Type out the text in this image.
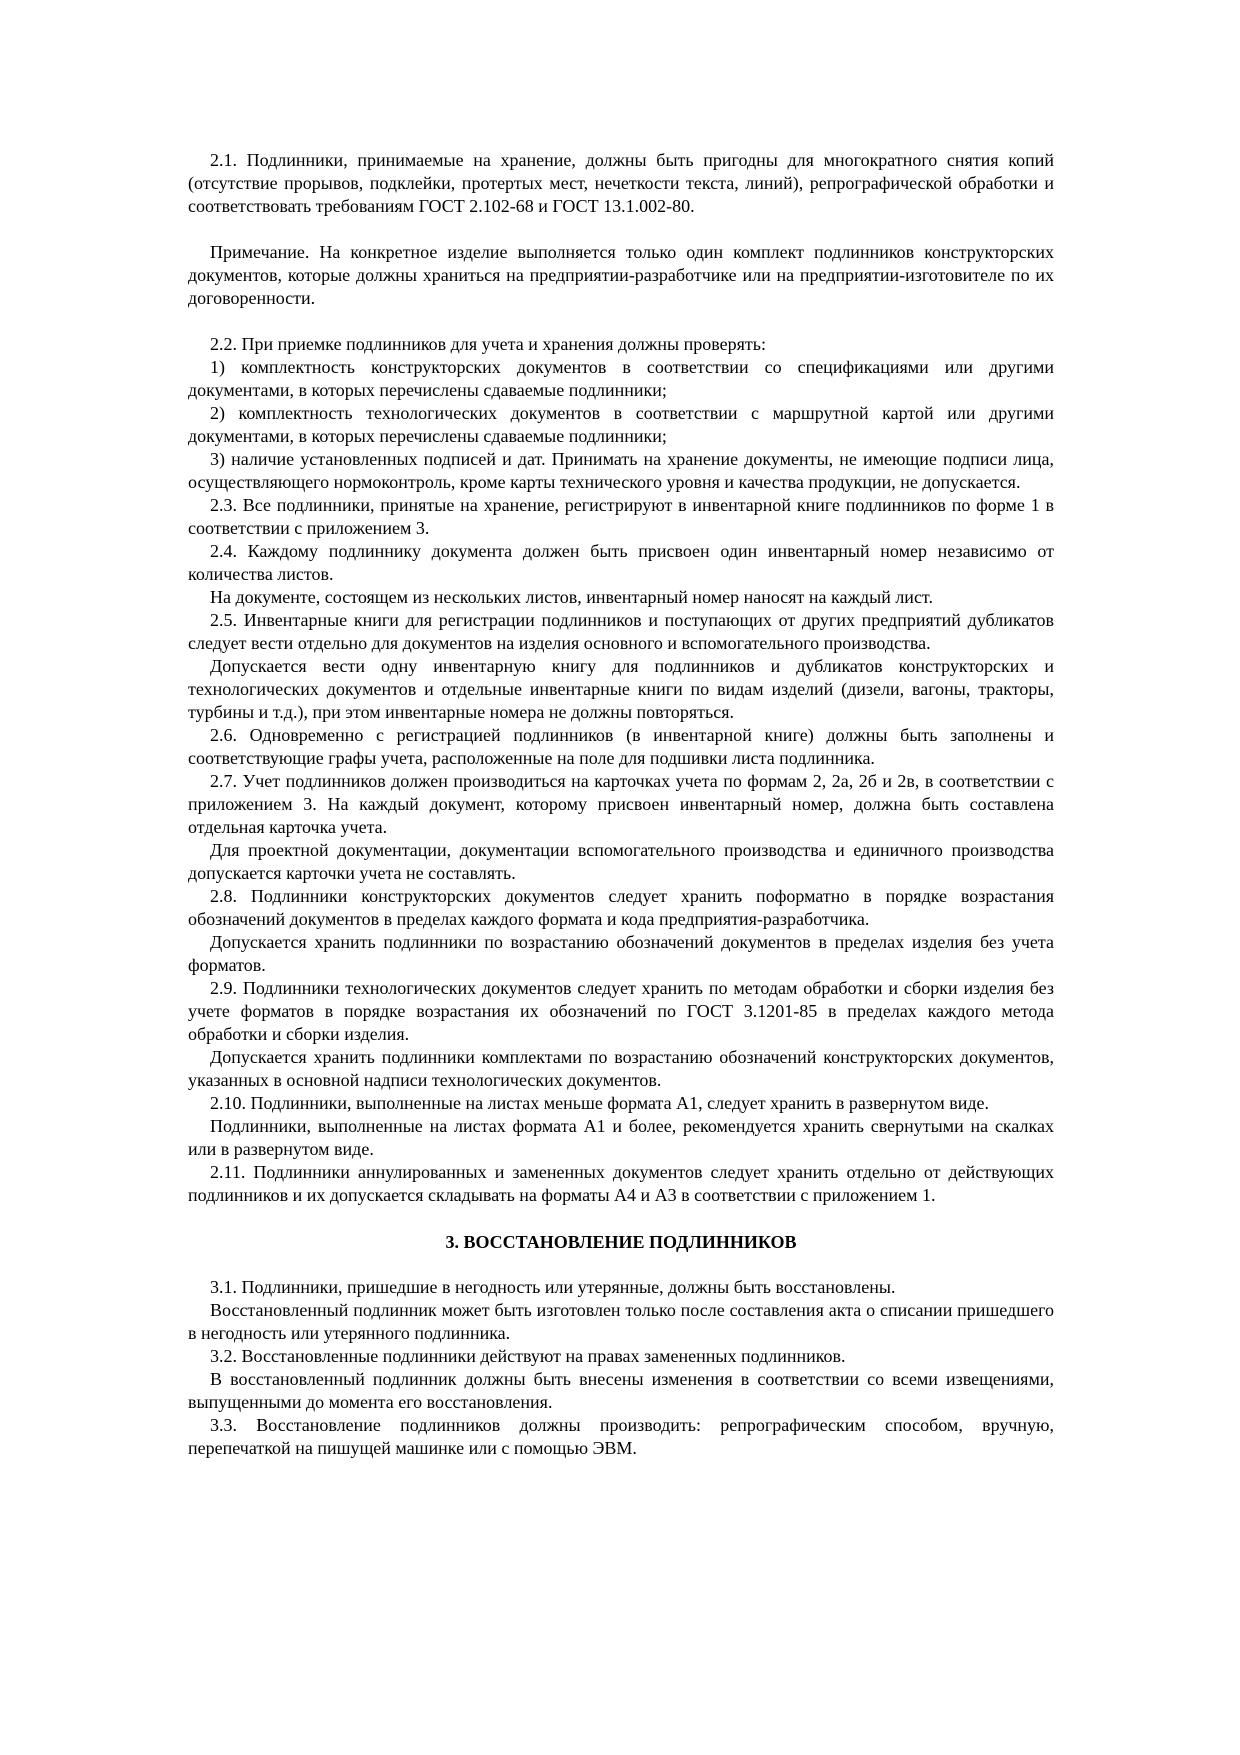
2.1. Подлинники, принимаемые на хранение, должны быть пригодны для многократного снятия копий (отсутствие прорывов, подклейки, протертых мест, нечеткости текста, линий), репрографической обработки и соответствовать требованиям ГОСТ 2.102-68 и ГОСТ 13.1.002-80.

Примечание. На конкретное изделие выполняется только один комплект подлинников конструкторских документов, которые должны храниться на предприятии-разработчике или на предприятии-изготовителе по их договоренности.

2.2. При приемке подлинников для учета и хранения должны проверять:

1) комплектность конструкторских документов в соответствии со спецификациями или другими документами, в которых перечислены сдаваемые подлинники;

2) комплектность технологических документов в соответствии с маршрутной картой или другими документами, в которых перечислены сдаваемые подлинники;

3) наличие установленных подписей и дат. Принимать на хранение документы, не имеющие подписи лица, осуществляющего нормоконтроль, кроме карты технического уровня и качества продукции, не допускается.

2.3. Все подлинники, принятые на хранение, регистрируют в инвентарной книге подлинников по форме 1 в соответствии с приложением 3.

2.4. Каждому подлиннику документа должен быть присвоен один инвентарный номер независимо от количества листов.

На документе, состоящем из нескольких листов, инвентарный номер наносят на каждый лист.

2.5. Инвентарные книги для регистрации подлинников и поступающих от других предприятий дубликатов следует вести отдельно для документов на изделия основного и вспомогательного производства.

Допускается вести одну инвентарную книгу для подлинников и дубликатов конструкторских и технологических документов и отдельные инвентарные книги по видам изделий (дизели, вагоны, тракторы, турбины и т.д.), при этом инвентарные номера не должны повторяться.

2.6. Одновременно с регистрацией подлинников (в инвентарной книге) должны быть заполнены и соответствующие графы учета, расположенные на поле для подшивки листа подлинника.

2.7. Учет подлинников должен производиться на карточках учета по формам 2, 2а, 2б и 2в, в соответствии с приложением 3. На каждый документ, которому присвоен инвентарный номер, должна быть составлена отдельная карточка учета.

Для проектной документации, документации вспомогательного производства и единичного производства допускается карточки учета не составлять.

2.8. Подлинники конструкторских документов следует хранить поформатно в порядке возрастания обозначений документов в пределах каждого формата и кода предприятия-разработчика.

Допускается хранить подлинники по возрастанию обозначений документов в пределах изделия без учета форматов.

2.9. Подлинники технологических документов следует хранить по методам обработки и сборки изделия без учете форматов в порядке возрастания их обозначений по ГОСТ 3.1201-85 в пределах каждого метода обработки и сборки изделия.

Допускается хранить подлинники комплектами по возрастанию обозначений конструкторских документов, указанных в основной надписи технологических документов.

2.10. Подлинники, выполненные на листах меньше формата А1, следует хранить в развернутом виде.

Подлинники, выполненные на листах формата А1 и более, рекомендуется хранить свернутыми на скалках или в развернутом виде.

2.11. Подлинники аннулированных и замененных документов следует хранить отдельно от действующих подлинников и их допускается складывать на форматы А4 и А3 в соответствии с приложением 1.

3. ВОССТАНОВЛЕНИЕ ПОДЛИННИКОВ

3.1. Подлинники, пришедшие в негодность или утерянные, должны быть восстановлены.

Восстановленный подлинник может быть изготовлен только после составления акта о списании пришедшего в негодность или утерянного подлинника.

3.2. Восстановленные подлинники действуют на правах замененных подлинников.

В восстановленный подлинник должны быть внесены изменения в соответствии со всеми извещениями, выпущенными до момента его восстановления.

3.3. Восстановление подлинников должны производить: репрографическим способом, вручную, перепечаткой на пишущей машинке или с помощью ЭВМ.
